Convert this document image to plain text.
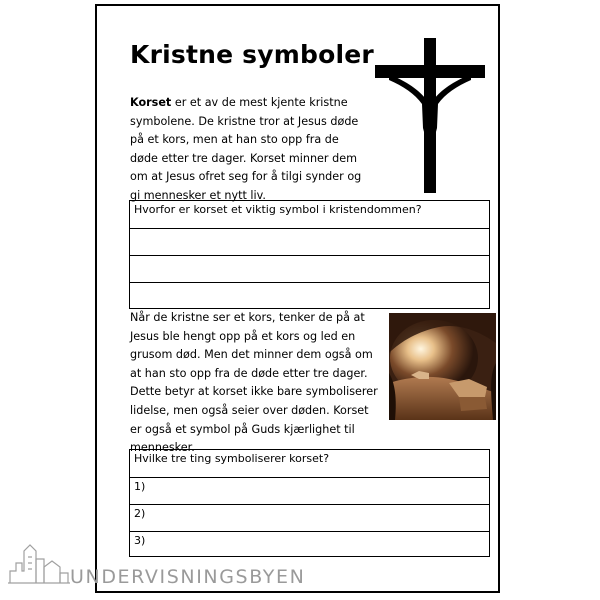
Kristne symboler

Korset er et av de mest kjente kristne symbolene. De kristne tror at Jesus døde på et kors, men at han sto opp fra de døde etter tre dager. Korset minner dem om at Jesus ofret seg for å tilgi synder og gi mennesker et nytt liv.

Hvorfor er korset et viktig symbol i kristendommen?

Når de kristne ser et kors, tenker de på at Jesus ble hengt opp på et kors og led en grusom død. Men det minner dem også om at han sto opp fra de døde etter tre dager. Dette betyr at korset ikke bare symboliserer lidelse, men også seier over døden. Korset er også et symbol på Guds kjærlighet til mennesker.

Hvilke tre ting symboliserer korset?
1)
2)
3)
UNDERVISNINGSBYEN
